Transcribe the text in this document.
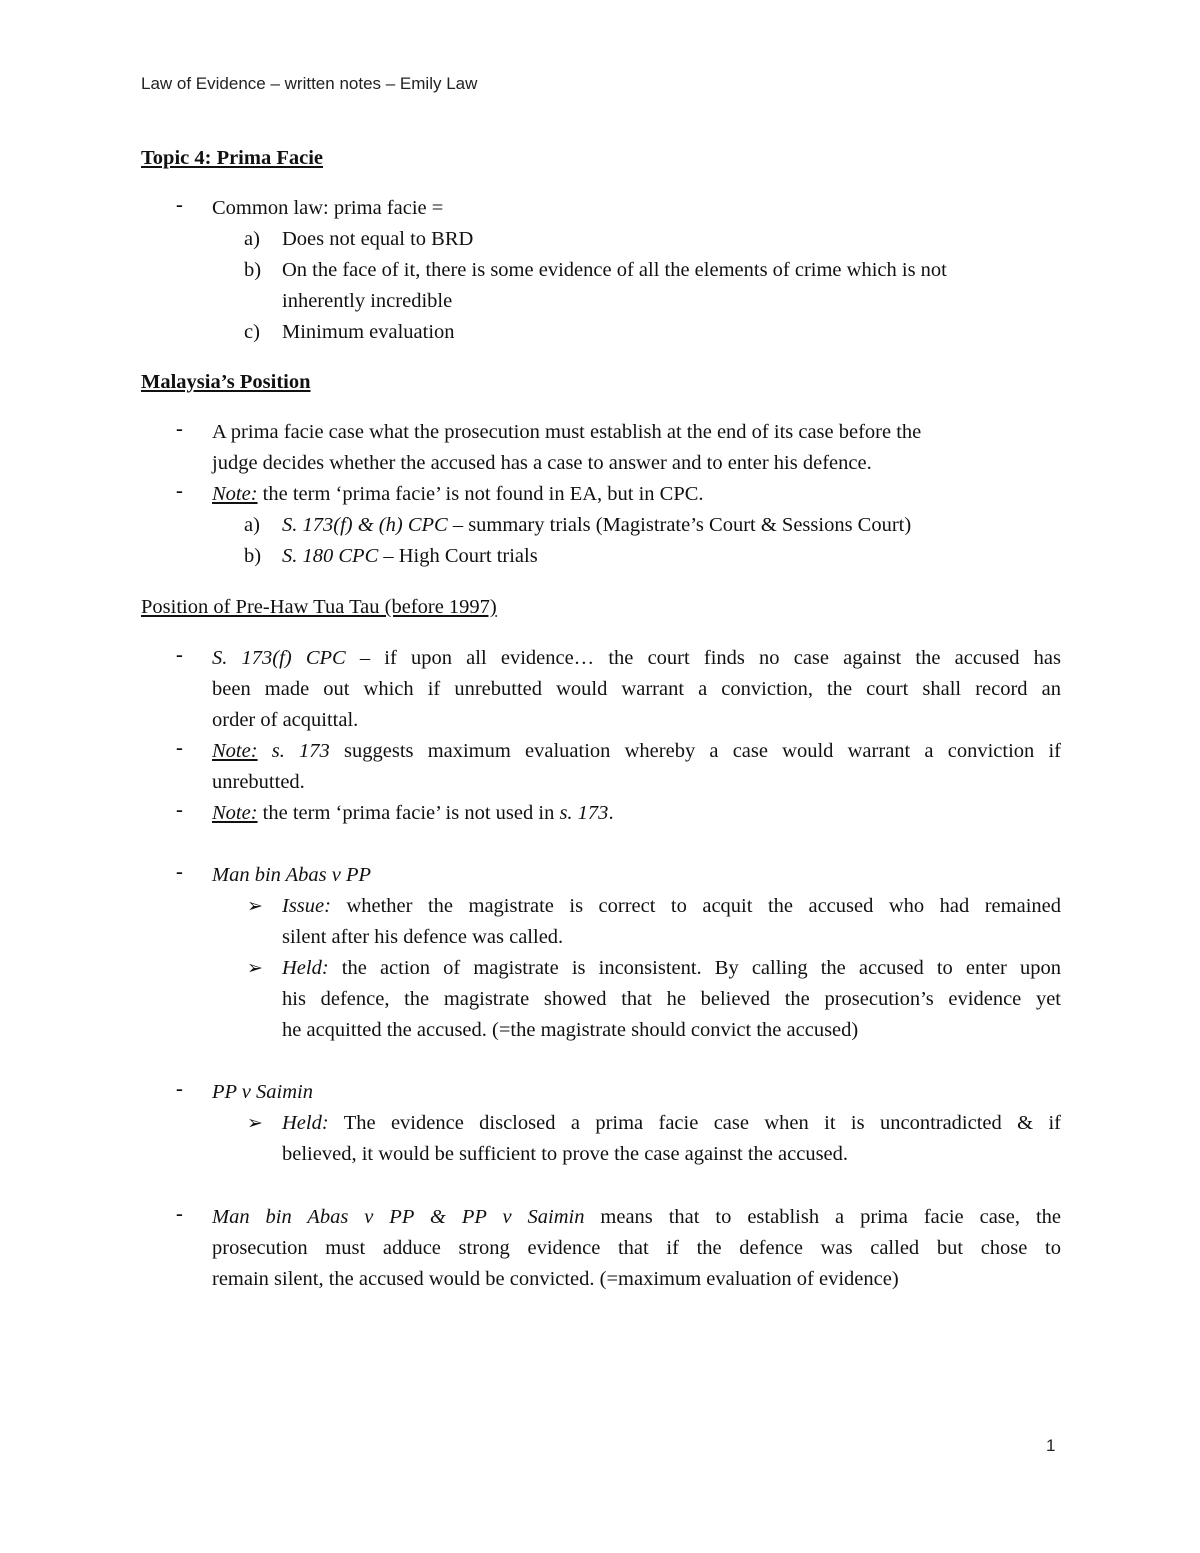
Law of Evidence – written notes – Emily Law
Topic 4: Prima Facie
- Common law: prima facie =
a) Does not equal to BRD
b) On the face of it, there is some evidence of all the elements of crime which is not
inherently incredible
c) Minimum evaluation
Malaysia’s Position
- A prima facie case what the prosecution must establish at the end of its case before the
judge decides whether the accused has a case to answer and to enter his defence.
- Note: the term ‘prima facie’ is not found in EA, but in CPC.
a) S. 173(f) & (h) CPC – summary trials (Magistrate’s Court & Sessions Court)
b) S. 180 CPC – High Court trials
Position of Pre-Haw Tua Tau (before 1997)
- S. 173(f) CPC – if upon all evidence… the court finds no case against the accused has
been made out which if unrebutted would warrant a conviction, the court shall record an
order of acquittal.
- Note: s. 173 suggests maximum evaluation whereby a case would warrant a conviction if
unrebutted.
- Note: the term ‘prima facie’ is not used in s. 173.
- Man bin Abas v PP
➢ Issue: whether the magistrate is correct to acquit the accused who had remained
silent after his defence was called.
➢ Held: the action of magistrate is inconsistent. By calling the accused to enter upon
his defence, the magistrate showed that he believed the prosecution’s evidence yet
he acquitted the accused. (=the magistrate should convict the accused)
- PP v Saimin
➢ Held: The evidence disclosed a prima facie case when it is uncontradicted & if
believed, it would be sufficient to prove the case against the accused.
- Man bin Abas v PP & PP v Saimin means that to establish a prima facie case, the
prosecution must adduce strong evidence that if the defence was called but chose to
remain silent, the accused would be convicted. (=maximum evaluation of evidence)
1
